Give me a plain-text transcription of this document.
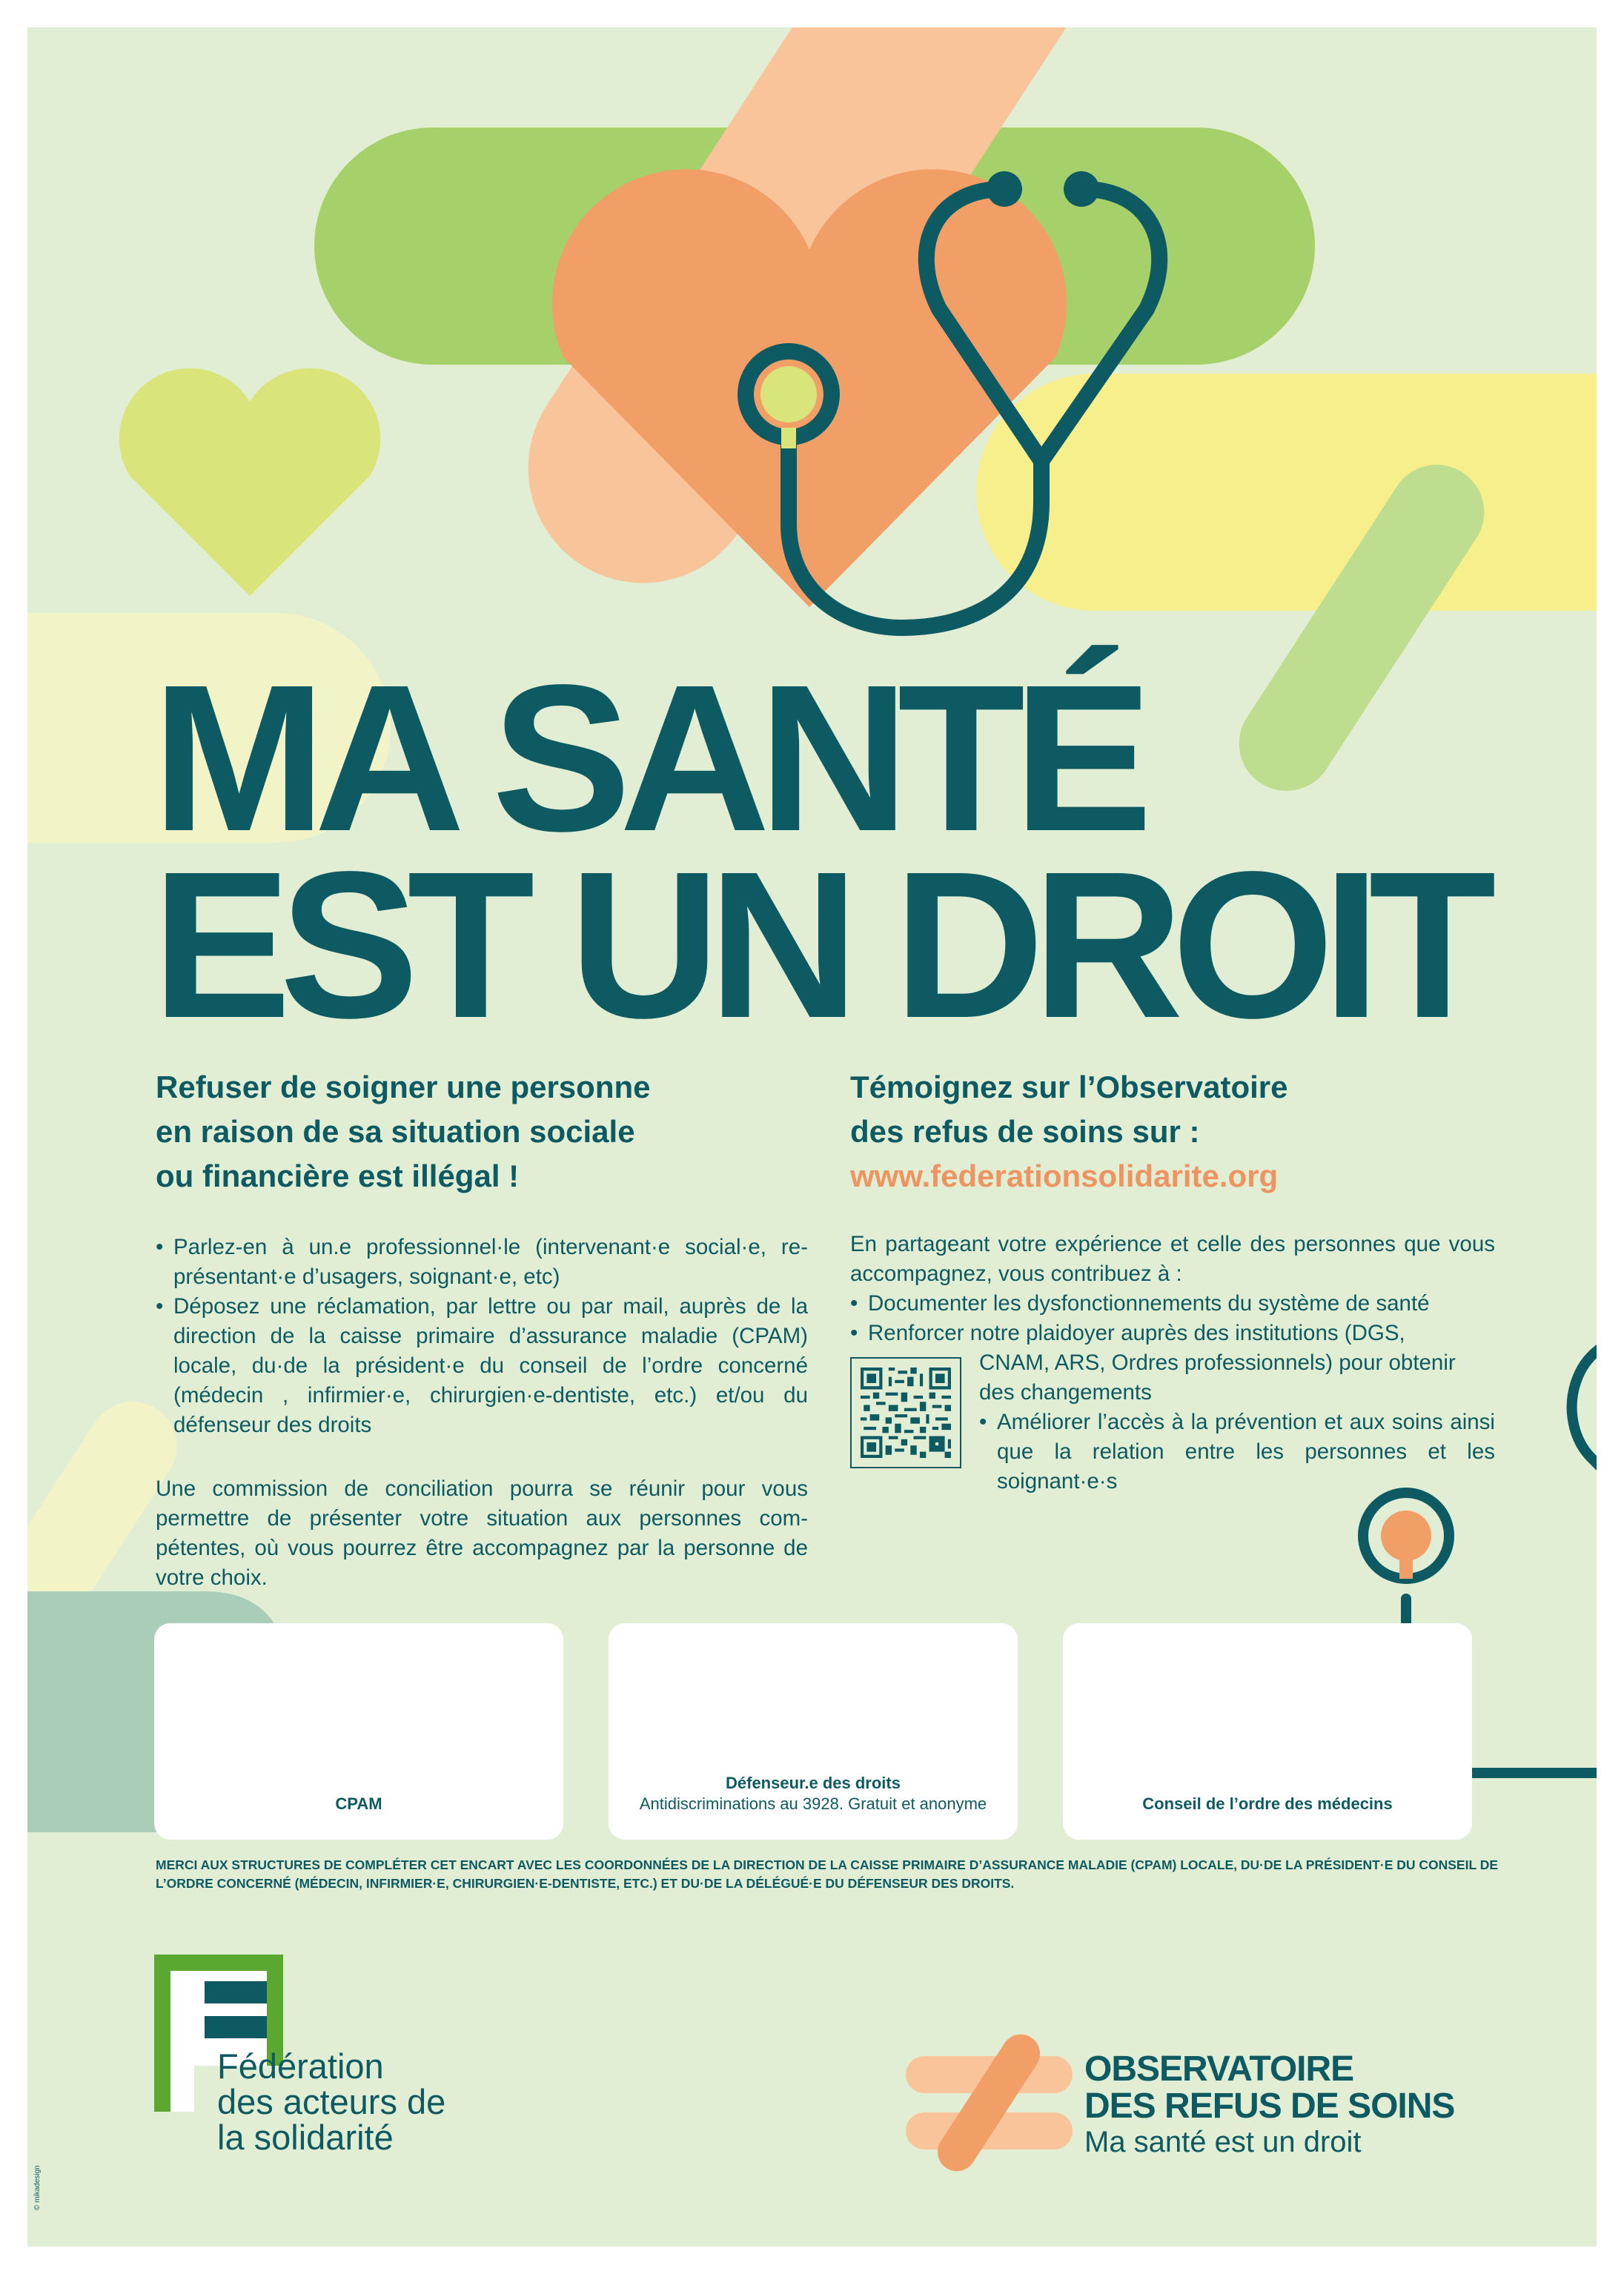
MA SANTÉ
EST UN DROIT
Refuser de soigner une personne
en raison de sa situation sociale
ou financière est illégal !
• Parlez-en à un.e professionnel·le (intervenant·e social·e, re-présentant·e d’usagers, soignant·e, etc)
• Déposez une réclamation, par lettre ou par mail, auprès de la direction de la caisse primaire d’assurance maladie (CPAM) locale, du·de la président·e du conseil de l’ordre concerné (médecin , infirmier·e, chirurgien·e-dentiste, etc.) et/ou du défenseur des droits

Une commission de conciliation pourra se réunir pour vous permettre de présenter votre situation aux personnes com-pétentes, où vous pourrez être accompagnez par la personne de votre choix.

Témoignez sur l’Observatoire
des refus de soins sur :
www.federationsolidarite.org

En partageant votre expérience et celle des personnes que vous accompagnez, vous contribuez à :

• Documenter les dysfonctionnements du système de santé
• Renforcer notre plaidoyer auprès des institutions (DGS,
CNAM, ARS, Ordres professionnels) pour obtenir des changements
• Améliorer l’accès à la prévention et aux soins ainsi que la relation entre les personnes et les soignant·e·s
CPAM
Défenseur.e des droits
Antidiscriminations au 3928. Gratuit et anonyme	Conseil de l’ordre des médecins

MERCI AUX STRUCTURES DE COMPLÉTER CET ENCART AVEC LES COORDONNÉES DE LA DIRECTION DE LA CAISSE PRIMAIRE D’ASSURANCE MALADIE (CPAM) LOCALE, DU·DE LA PRÉSIDENT·E DU CONSEIL DE L’ORDRE CONCERNÉ (MÉDECIN, INFIRMIER·E, CHIRURGIEN·E-DENTISTE, ETC.) ET DU·DE LA DÉLÉGUÉ·E DU DÉFENSEUR DES DROITS.

Fédération
des acteurs de
la solidarité

OBSERVATOIRE
DES REFUS DE SOINS
Ma santé est un droit

© mikadesign
